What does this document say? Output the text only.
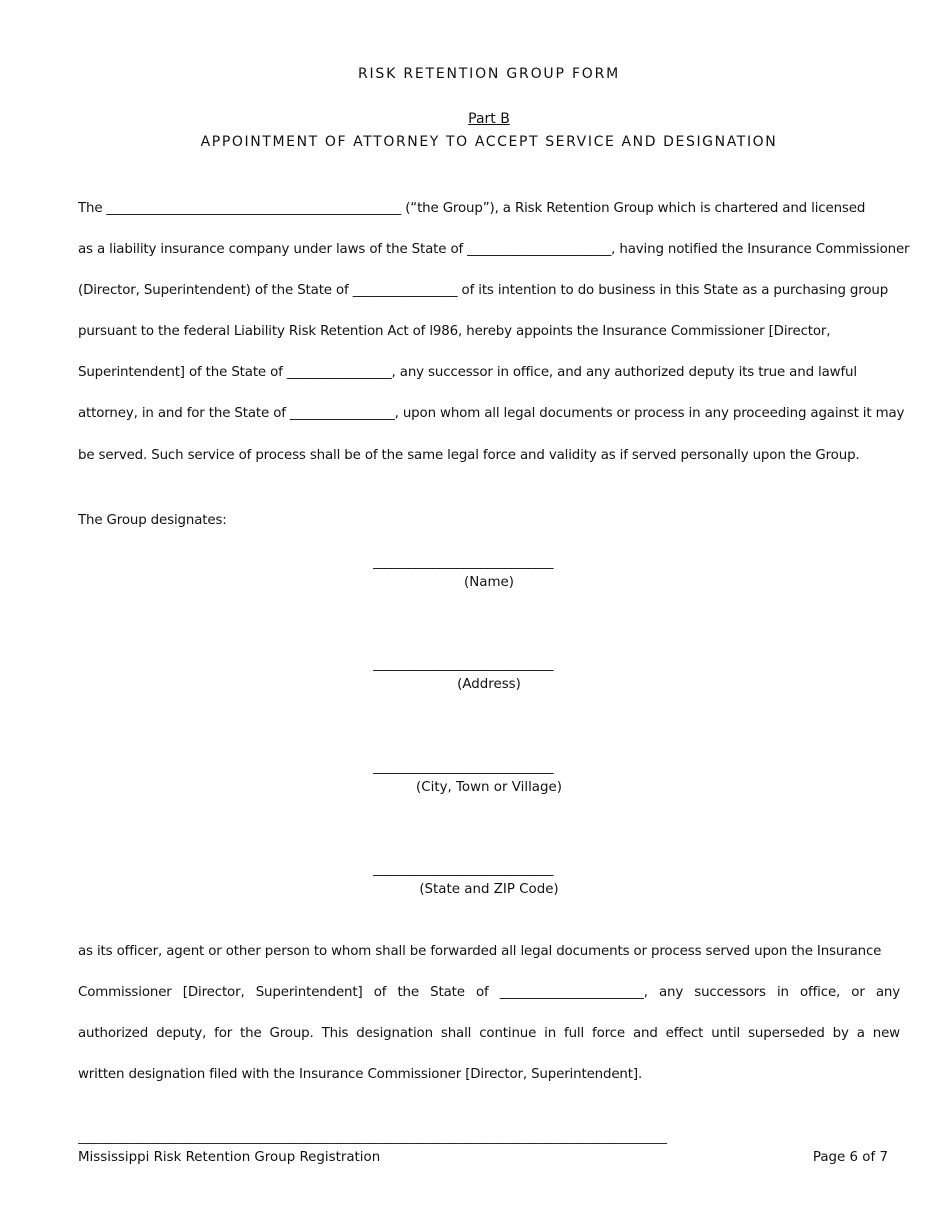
RISK RETENTION GROUP FORM
Part B
APPOINTMENT OF ATTORNEY TO ACCEPT SERVICE AND DESIGNATION
The _____________________________________________ (“the Group”), a Risk Retention Group which is chartered and licensed
as a liability insurance company under laws of the State of ______________________, having notified the Insurance Commissioner
(Director, Superintendent) of the State of ________________ of its intention to do business in this State as a purchasing group
pursuant to the federal Liability Risk Retention Act of l986, hereby appoints the Insurance Commissioner [Director,
Superintendent] of the State of ________________, any successor in office, and any authorized deputy its true and lawful
attorney, in and for the State of ________________, upon whom all legal documents or process in any proceeding against it may
be served. Such service of process shall be of the same legal force and validity as if served personally upon the Group.
The Group designates:
______________________________
(Name)
______________________________
(Address)
______________________________
(City, Town or Village)
______________________________
(State and ZIP Code)
as its officer, agent or other person to whom shall be forwarded all legal documents or process served upon the Insurance
Commissioner [Director, Superintendent] of the State of ______________________, any successors in office, or any
authorized deputy, for the Group. This designation shall continue in full force and effect until superseded by a new
written designation filed with the Insurance Commissioner [Director, Superintendent].
_______________________________________________________________________________________________________________
Mississippi Risk Retention Group Registration	Page 6 of 7
